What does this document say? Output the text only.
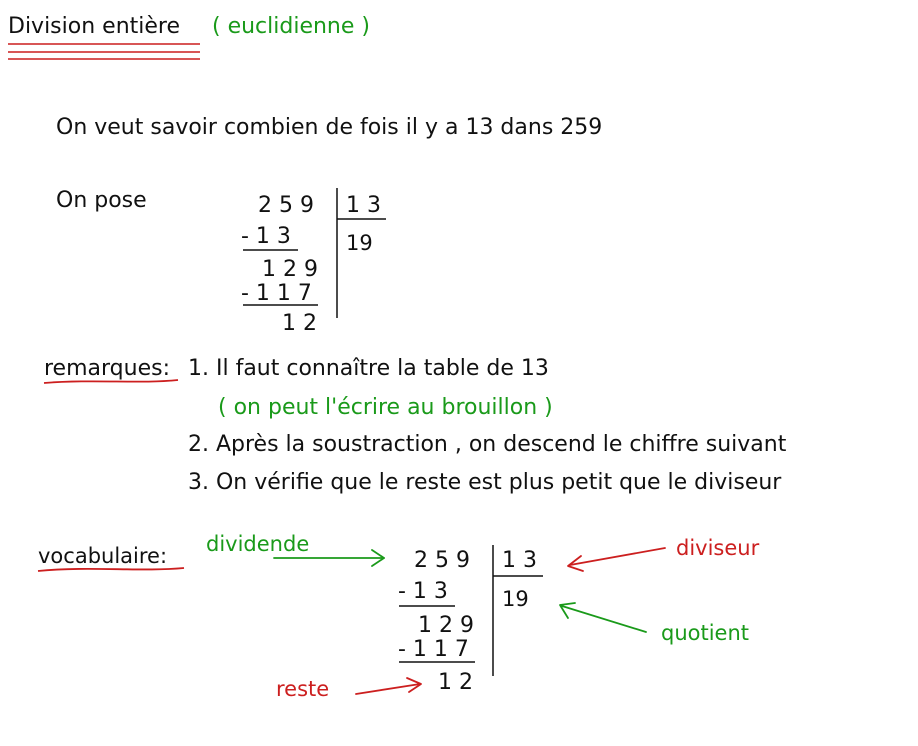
Division entière ( euclidienne )
On veut savoir combien de fois il y a 13 dans 259
On pose	2 5 9 1 3
19
- 1 3
1 2 9
- 1 1 7
1 2
remarques: 1. Il faut connaître la table de 13
( on peut l'écrire au brouillon )
2. Après la soustraction , on descend le chiffre suivant
3. On vérifie que le reste est plus petit que le diviseur
vocabulaire: dividende	diviseur
quotient
reste
2 5 9 1 3
19
- 1 3
1 2 9
- 1 1 7
1 2
